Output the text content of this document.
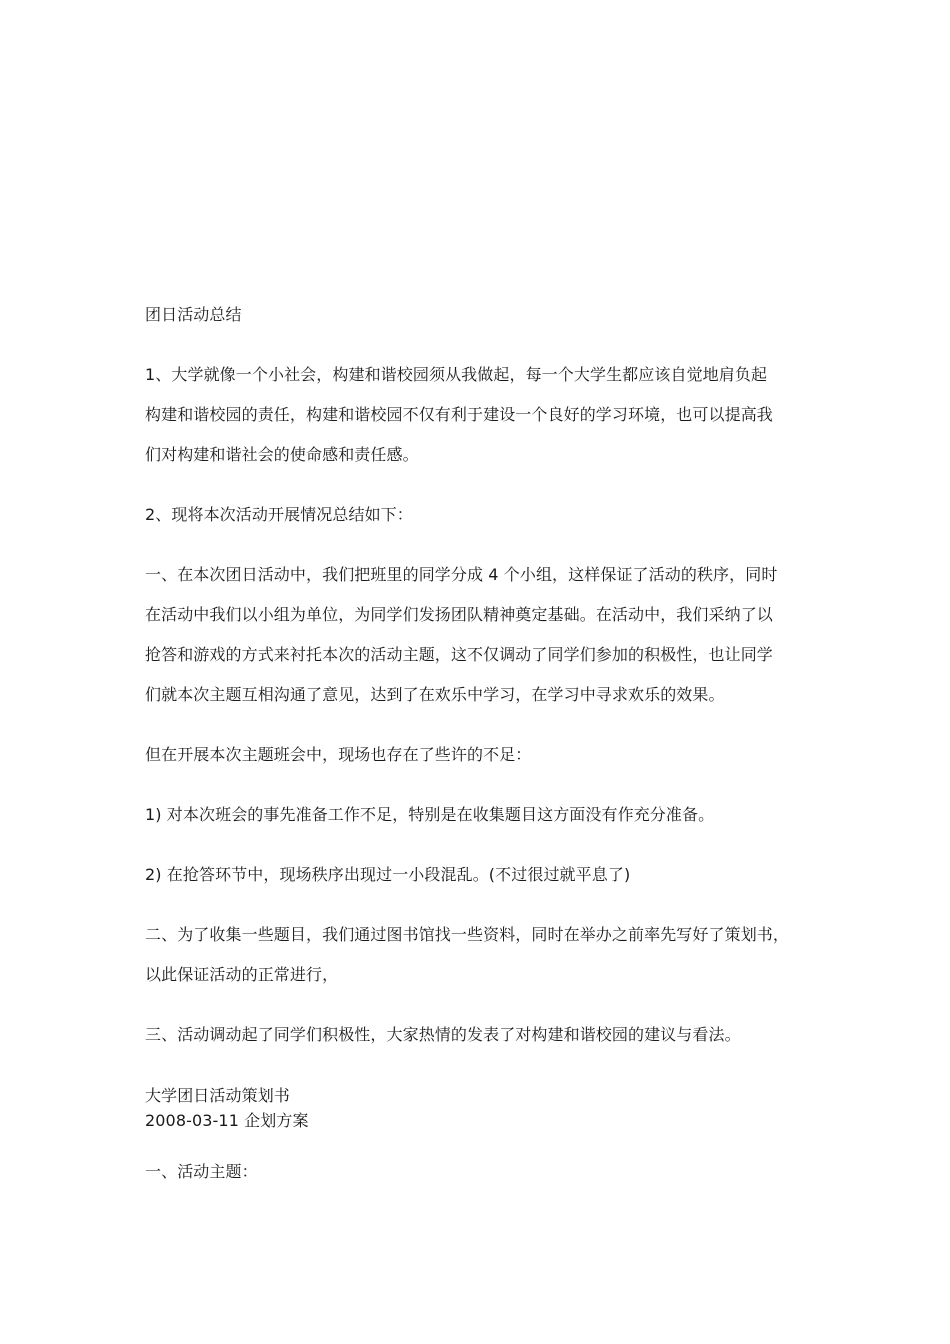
团日活动总结
1、大学就像一个小社会，构建和谐校园须从我做起，每一个大学生都应该自觉地肩负起
构建和谐校园的责任，构建和谐校园不仅有利于建设一个良好的学习环境，也可以提高我
们对构建和谐社会的使命感和责任感。
2、现将本次活动开展情况总结如下：
一、在本次团日活动中，我们把班里的同学分成 4 个小组，这样保证了活动的秩序，同时
在活动中我们以小组为单位，为同学们发扬团队精神奠定基础。在活动中，我们采纳了以
抢答和游戏的方式来衬托本次的活动主题，这不仅调动了同学们参加的积极性，也让同学
们就本次主题互相沟通了意见，达到了在欢乐中学习，在学习中寻求欢乐的效果。
但在开展本次主题班会中，现场也存在了些许的不足：
1) 对本次班会的事先准备工作不足，特别是在收集题目这方面没有作充分准备。
2) 在抢答环节中，现场秩序出现过一小段混乱。(不过很过就平息了)
二、为了收集一些题目，我们通过图书馆找一些资料，同时在举办之前率先写好了策划书，
以此保证活动的正常进行，
三、活动调动起了同学们积极性，大家热情的发表了对构建和谐校园的建议与看法。
大学团日活动策划书
2008-03-11 企划方案
一、活动主题：
